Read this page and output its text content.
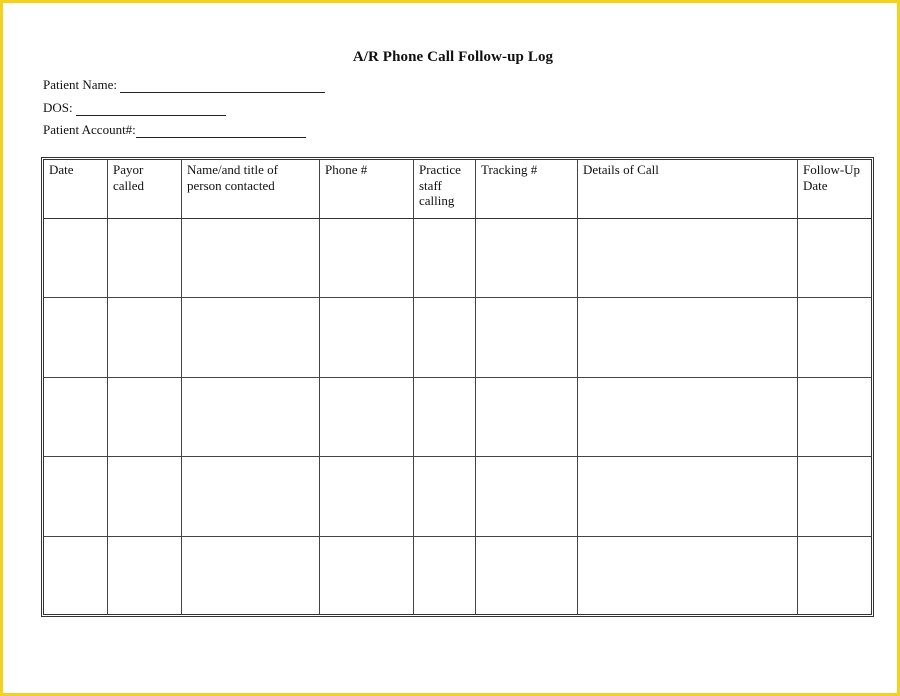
A/R Phone Call Follow-up Log
Patient Name:
DOS:
Patient Account#:
Date	Payor called	Name/and title of person contacted	Phone #	Practice staff calling	Tracking #	Details of Call	Follow-Up Date
